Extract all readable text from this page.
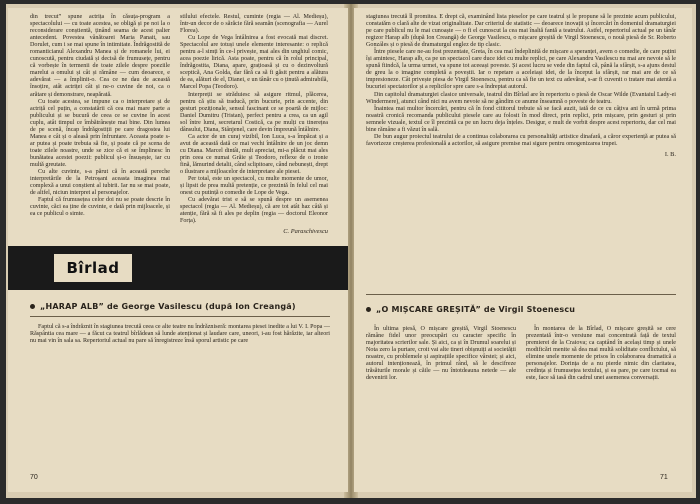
din trecut” spune actrița în căsuța-program a spectacolului — cu toate acestea, se obligă și pe noi la o reconsiderare conștientă, ținând seama de acest palier antecedent. Povestea vânătoarei Maria Panait, sau Dorulet, cum i se mai spune în intimitate. Îndrăgostită de romanticianul Alexandru Manea și de romanele lui, ei cunoscută, pentru ciudată și decisă de frumusețe, pentru că vorbește în termenii de toate zilele despre poeziile marelui a omului și cât și rămâne — cum deoarece, e adevărat — a împlinit-o. Cea ce ne dau de această însoțire, atât actriței cât și ne-o cuvine de noi, ca o arătare și demonstrare, neapărată.

Cu toate acestea, se impune ca o interpretare și de actriță cel puțin, a constatării că cea mai mare parte a publicului și se bucură de ceea ce se cuvine în acest cuplu, atât timpul ce îmbătrânește mai bine. Din lumea de pe scenă, încap îndrăgostiții pe care dragostea lui Manea e cât și o aleasă prin înfruntare. Aceasta poate s-ar putea și poate trebuia să fie, și poate că pe scena de toate zilele noastre, unde se zice că ei se împlinesc în bunătatea acestei poezii: publicul și-o însușește, iar cu multă greutate.

Cu alte cuvinte, s-a părut că în această pereche interpretările de la Petroșani aceasta imaginea mai complexă a unui conștient al iubirii. Iar nu se mai poate, de altfel, niciun interpret al personajelor.

Faptul că frumusețea celor doi nu se poate descrie în cuvinte, căci ea ține de cuvinte, e dată prin mijloacele, și ea ce publicul o simte.

stilului efectele. Restul, cuminte (regia — Al. Medieșu), într-un decor de o sărăcie fără seamăn (scenografia — Aurel Florea).

Cu Lope de Vega întâlnirea a fost evocată mai discret. Spectacolul are totuși unele elemente interesante: o replică pentru a-l simți în ce-l privește, mai ales din unghiul comic, acea poezie lirică. Asta poate, pentru că în rolul principal, îndrăgostita, Diana, apare, grațioasă și cu o dezinvoltură sceptică, Ana Golda, dar fără ca să fi găsit pentru a alătura de ea, alături de el, Dianei, e un tânăr cu o ținută admirabilă, Marcel Popa (Teodoro).

Interpreții se străduiesc să asigure ritmul, plăcerea, pentru că știu să traducă, prin bucurie, prin accente, din gesturi poziționale, sensul fascinant ce se poartă de mijloc: Daniel Dumitru (Tristan), perfect pentru a crea, ca un agil sol între lumi, secretarul Costică, ca pe mulți cu tinerețea dânsului, Diana, Stânjenel, care devin împreună întâlnire.

Ca actor de un curaj vizibil, Ion Luca, s-a împăcat și a avut de această dată ce mai vechi întâlnire de un joc demn cu Diana. Marcel dintâi, mult apreciat, mi-a plăcut mai ales prin ceea ce numai Grăie și Teodoro, reflexe de o ironie fină, lămurind detalii, când sclipitoare, când nebunești, drept o ilustrare a mijloacelor de interpretare ale piesei.

Per total, este un spectacol, cu multe momente de umor, și lipsit de prea multă pretenție, ce prezintă în felul cel mai onest cu putință o comedie de Lope de Vega.

Cu adevărat trist e să se spună despre un asemenea spectacol (regia — Al. Medieșu), că are tot atât haz câtă și atenție, fără să fi ales pe deplin (regia — doctorul Eleonor Forța).

C. Paraschivescu
Bîrlad
„HARAP ALB” de George Vasilescu (după Ion Creangă)

Faptul că s-a îndrăznit în stagiunea trecută ceea ce alte teatre nu îndrăzniseră: montarea piesei inedite a lui V. I. Popa — Răspântia cea mare — a făcut ca teatrul bîrlădean să lunde atenționat și laudare care, uneori, i-au fost hărăzite, iar alteori nu mai vin în sala sa. Repertoriul actual nu pare să înregistreze însă sporul artistic pe care

70

stagiunea trecută îl promitea. E drept că, examinând lista pieselor pe care teatrul și le propune să le prezinte acum publicului, constatăm o clară alte de vizat originalitate. Dar criteriul de statistic — deoarece inovații și încercări în domeniul dramaturgiei pe care publicul nu le mai cunoaște — o fi el cunoscut la cea mai înaltă fantă a teatrului. Astfel, repertoriul actual pe un tânăr regizor Harap alb (după Ion Creangă) de George Vasilescu, o mișcare greșită de Virgil Stoenescu, o nouă piesă de Sr. Roberto Gonzáles și o piesă de dramaturgul englez de tip clasic.

Între piesele care ne-au fost prezentate, Greta, în cea mai îndeplinită de mișcare a speranței, avem o comedie, de care puțini își amintesc, Harap alb, ca pe un spectacol care duce idei cu multe replici, pe care Alexandru Vasilescu nu mai are nevoie să le spună fiindcă, la urma urmei, va spune tot aceeași poveste. Și acest lucru se vede din faptul că, până la sfârșit, s-a ajuns destul de greu la o imagine completă a poveștii. Iar o repetare a aceleiași idei, de la început la sfârșit, rar mai are de ce să impresioneze. Cât privește piesa de Virgil Stoenescu, pentru ca să fie un text cu adevărat, s-ar fi cuvenit o tratare mai atentă a bucuriei spectatorilor și a replicilor spre care s-a îndreptat autorul.

Din capitolul dramaturgiei clasice universale, teatrul din Bîrlad are în repertoriu o piesă de Oscar Wilde (Evantaiul Lady-ei Windermere), atunci când nici nu avem nevoie să ne gândim ce anume înseamnă o poveste de teatru.

Înaintea mai multor încercări, pentru că în fond cititorul trebuie să se facă auzit, iată de ce cu câțiva ani în urmă prima noastră cronică recomanda publicului piesele care au folosit în mod direct, prin replici, prin mișcare, prin gesturi și prin semnele vizuale, textul ce îl prezintă ca pe un lucru deja înțeles. Desigur, e mult de vorbit despre acest repertoriu, dar cel mai bine rămâne a fi văzut în sală.

De bun augur proiectul teatrului de a continua colaborarea cu personalități artistice dinafară, a căror experiență ar putea să favorizeze creșterea profesională a actorilor, să asigure premise mai sigure pentru omogenizarea trupei.

I. B.
„O MIȘCARE GREȘITĂ” de Virgil Stoenescu

În ultima piesă, O mișcare greșită, Virgil Stoenescu rămâne fidel unor preocupări cu caracter specific în majoritatea scrierilor sale. Și aici, ca și în Drumul soarelui și Nota zero la purtare, croit vai alte tineri obișnuiți ai societății noastre, cu problemele și aspirațiile specifice vârstei; și aici, autorul intenționează, în primul rând, să le descifreze trăsăturile morale și căile — nu întotdeauna netede — ale devenirii lor.

În montarea de la Bîrlad, O mișcare greșită se cere prezentată într-o versiune mai concentrată față de textul premierei de la Craiova; ca captând în același timp și unele modificări menite să dea mai multă soliditate conflictului, să elimine unele momente de prisos în colaborarea dramatică a personajelor. Dorința de a nu pierde nimic din claritatea, credința și frumusețea textului, și ea pare, pe care tocmai ea este, face să iasă din cadrul unei asemenea conversații.

71
